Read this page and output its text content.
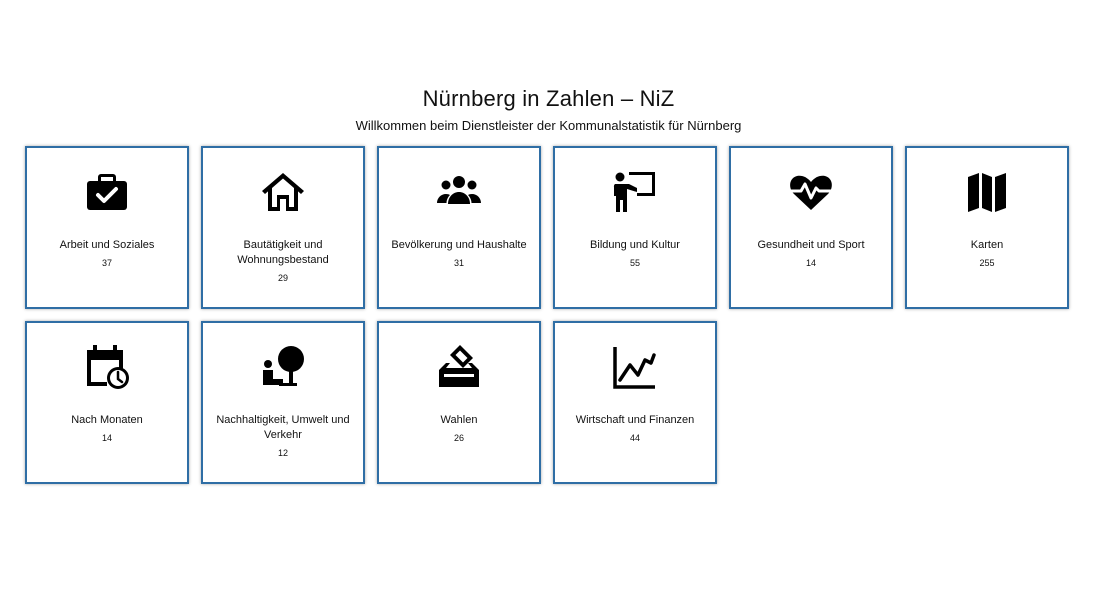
Nürnberg in Zahlen – NiZ

Willkommen beim Dienstleister der Kommunalstatistik für Nürnberg

Arbeit und Soziales
37
Bautätigkeit und Wohnungsbestand
29
Bevölkerung und Haushalte
31
Bildung und Kultur
55
Gesundheit und Sport
14
Karten
255
Nach Monaten
14
Nachhaltigkeit, Umwelt und Verkehr
12
Wahlen
26
Wirtschaft und Finanzen
44
